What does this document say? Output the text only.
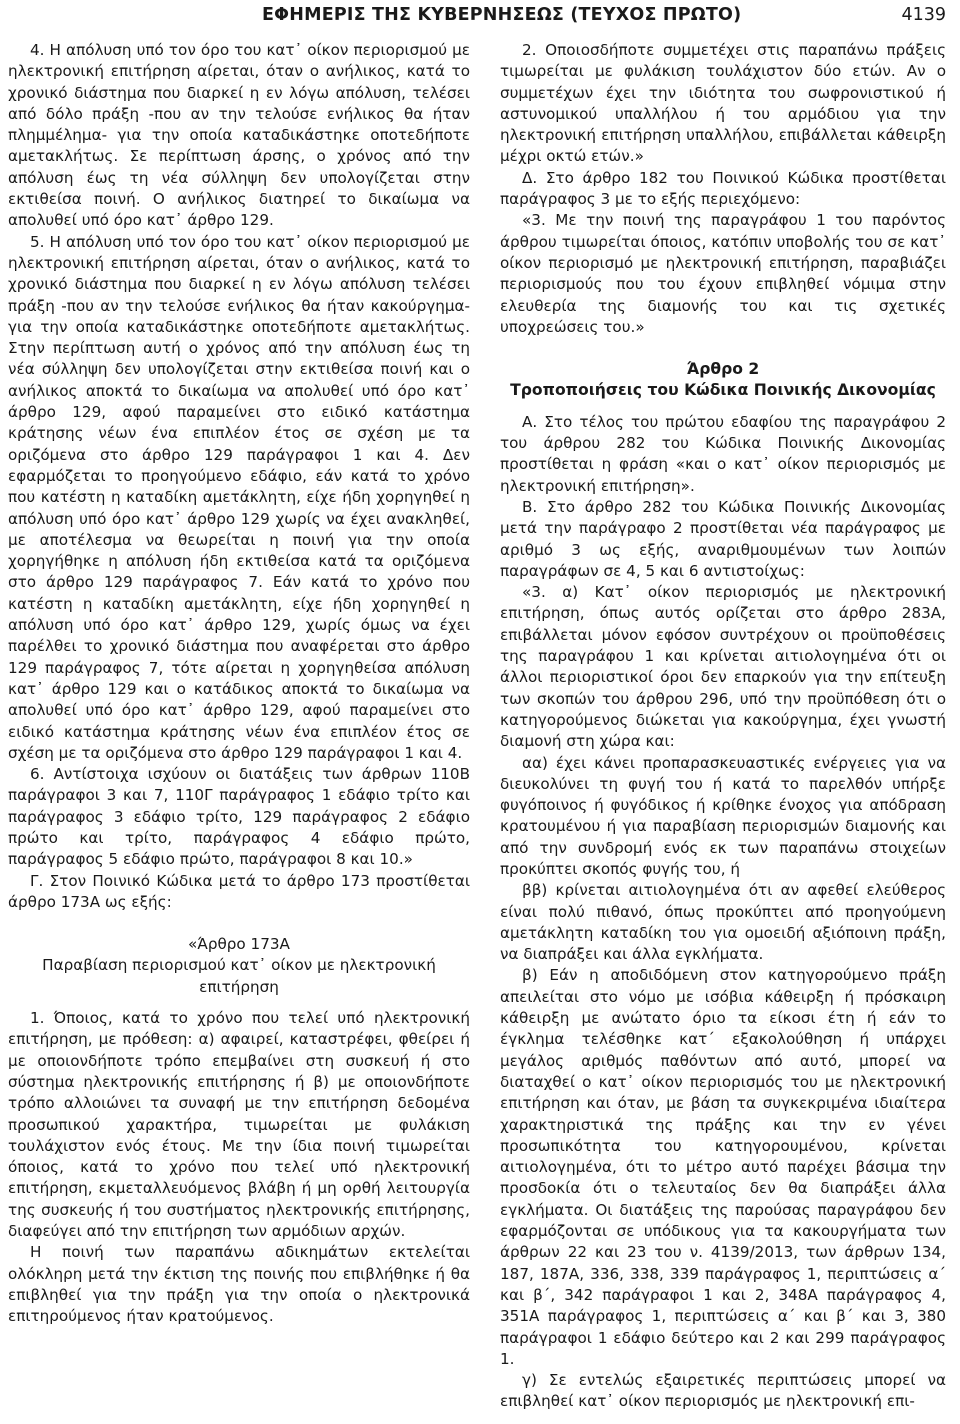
ΕΦΗΜΕΡΙΣ ΤΗΣ ΚΥΒΕΡΝΗΣΕΩΣ (ΤΕΥΧΟΣ ΠΡΩΤΟ)	4139

4. Η απόλυση υπό τον όρο του κατ᾽ οίκον περιορισμού με ηλεκτρονική επιτήρηση αίρεται, όταν ο ανήλικος, κατά το χρονικό διάστημα που διαρκεί η εν λόγω απόλυση, τελέσει από δόλο πράξη -που αν την τελούσε ενήλικος θα ήταν πλημμέλημα- για την οποία καταδικάστηκε οποτεδήποτε αμετακλήτως. Σε περίπτωση άρσης, ο χρόνος από την απόλυση έως τη νέα σύλληψη δεν υπολογίζεται στην εκτιθείσα ποινή. Ο ανήλικος διατηρεί το δικαίωμα να απολυθεί υπό όρο κατ᾽ άρθρο 129.

5. Η απόλυση υπό τον όρο του κατ᾽ οίκον περιορισμού με ηλεκτρονική επιτήρηση αίρεται, όταν ο ανήλικος, κατά το χρονικό διάστημα που διαρκεί η εν λόγω απόλυση τελέσει πράξη -που αν την τελούσε ενήλικος θα ήταν κακούργημα- για την οποία καταδικάστηκε οποτεδήποτε αμετακλήτως. Στην περίπτωση αυτή ο χρόνος από την απόλυση έως τη νέα σύλληψη δεν υπολογίζεται στην εκτιθείσα ποινή και ο ανήλικος αποκτά το δικαίωμα να απολυθεί υπό όρο κατ᾽ άρθρο 129, αφού παραμείνει στο ειδικό κατάστημα κράτησης νέων ένα επιπλέον έτος σε σχέση με τα οριζόμενα στο άρθρο 129 παράγραφοι 1 και 4. Δεν εφαρμόζεται το προηγούμενο εδάφιο, εάν κατά το χρόνο που κατέστη η καταδίκη αμετάκλητη, είχε ήδη χορηγηθεί η απόλυση υπό όρο κατ᾽ άρθρο 129 χωρίς να έχει ανακληθεί, με αποτέλεσμα να θεωρείται η ποινή για την οποία χορηγήθηκε η απόλυση ήδη εκτιθείσα κατά τα οριζόμενα στο άρθρο 129 παράγραφος 7. Εάν κατά το χρόνο που κατέστη η καταδίκη αμετάκλητη, είχε ήδη χορηγηθεί η απόλυση υπό όρο κατ᾽ άρθρο 129, χωρίς όμως να έχει παρέλθει το χρονικό διάστημα που αναφέρεται στο άρθρο 129 παράγραφος 7, τότε αίρεται η χορηγηθείσα απόλυση κατ᾽ άρθρο 129 και ο κατάδικος αποκτά το δικαίωμα να απολυθεί υπό όρο κατ᾽ άρθρο 129, αφού παραμείνει στο ειδικό κατάστημα κράτησης νέων ένα επιπλέον έτος σε σχέση με τα οριζόμενα στο άρθρο 129 παράγραφοι 1 και 4.

6. Αντίστοιχα ισχύουν οι διατάξεις των άρθρων 110Β παράγραφοι 3 και 7, 110Γ παράγραφος 1 εδάφιο τρίτο και παράγραφος 3 εδάφιο τρίτο, 129 παράγραφος 2 εδάφιο πρώτο και τρίτο, παράγραφος 4 εδάφιο πρώτο, παράγραφος 5 εδάφιο πρώτο, παράγραφοι 8 και 10.»

Γ. Στον Ποινικό Κώδικα μετά το άρθρο 173 προστίθεται άρθρο 173Α ως εξής:

«Άρθρο 173Α

Παραβίαση περιορισμού κατ᾽ οίκον με ηλεκτρονική επιτήρηση

1. Όποιος, κατά το χρόνο που τελεί υπό ηλεκτρονική επιτήρηση, με πρόθεση: α) αφαιρεί, καταστρέφει, φθείρει ή με οποιονδήποτε τρόπο επεμβαίνει στη συσκευή ή στο σύστημα ηλεκτρονικής επιτήρησης ή β) με οποιονδήποτε τρόπο αλλοιώνει τα συναφή με την επιτήρηση δεδομένα προσωπικού χαρακτήρα, τιμωρείται με φυλάκιση τουλάχιστον ενός έτους. Με την ίδια ποινή τιμωρείται όποιος, κατά το χρόνο που τελεί υπό ηλεκτρονική επιτήρηση, εκμεταλλευόμενος βλάβη ή μη ορθή λειτουργία της συσκευής ή του συστήματος ηλεκτρονικής επιτήρησης, διαφεύγει από την επιτήρηση των αρμόδιων αρχών.

Η ποινή των παραπάνω αδικημάτων εκτελείται ολόκληρη μετά την έκτιση της ποινής που επιβλήθηκε ή θα επιβληθεί για την πράξη για την οποία ο ηλεκτρονικά επιτηρούμενος ήταν κρατούμενος.

2. Οποιοσδήποτε συμμετέχει στις παραπάνω πράξεις τιμωρείται με φυλάκιση τουλάχιστον δύο ετών. Αν ο συμμετέχων έχει την ιδιότητα του σωφρονιστικού ή αστυνομικού υπαλλήλου ή του αρμόδιου για την ηλεκτρονική επιτήρηση υπαλλήλου, επιβάλλεται κάθειρξη μέχρι οκτώ ετών.»

Δ. Στο άρθρο 182 του Ποινικού Κώδικα προστίθεται παράγραφος 3 με το εξής περιεχόμενο:

«3. Με την ποινή της παραγράφου 1 του παρόντος άρθρου τιμωρείται όποιος, κατόπιν υποβολής του σε κατ᾽ οίκον περιορισμό με ηλεκτρονική επιτήρηση, παραβιάζει περιορισμούς που του έχουν επιβληθεί νόμιμα στην ελευθερία της διαμονής του και τις σχετικές υποχρεώσεις του.»

Άρθρο 2

Τροποποιήσεις του Κώδικα Ποινικής Δικονομίας

Α. Στο τέλος του πρώτου εδαφίου της παραγράφου 2 του άρθρου 282 του Κώδικα Ποινικής Δικονομίας προστίθεται η φράση «και ο κατ᾽ οίκον περιορισμός με ηλεκτρονική επιτήρηση».

Β. Στο άρθρο 282 του Κώδικα Ποινικής Δικονομίας μετά την παράγραφο 2 προστίθεται νέα παράγραφος με αριθμό 3 ως εξής, αναριθμουμένων των λοιπών παραγράφων σε 4, 5 και 6 αντιστοίχως:

«3. α) Κατ᾽ οίκον περιορισμός με ηλεκτρονική επιτήρηση, όπως αυτός ορίζεται στο άρθρο 283Α, επιβάλλεται μόνον εφόσον συντρέχουν οι προϋποθέσεις της παραγράφου 1 και κρίνεται αιτιολογημένα ότι οι άλλοι περιοριστικοί όροι δεν επαρκούν για την επίτευξη των σκοπών του άρθρου 296, υπό την προϋπόθεση ότι ο κατηγορούμενος διώκεται για κακούργημα, έχει γνωστή διαμονή στη χώρα και:

αα) έχει κάνει προπαρασκευαστικές ενέργειες για να διευκολύνει τη φυγή του ή κατά το παρελθόν υπήρξε φυγόποινος ή φυγόδικος ή κρίθηκε ένοχος για απόδραση κρατουμένου ή για παραβίαση περιορισμών διαμονής και από την συνδρομή ενός εκ των παραπάνω στοιχείων προκύπτει σκοπός φυγής του, ή

ββ) κρίνεται αιτιολογημένα ότι αν αφεθεί ελεύθερος είναι πολύ πιθανό, όπως προκύπτει από προηγούμενη αμετάκλητη καταδίκη του για ομοειδή αξιόποινη πράξη, να διαπράξει και άλλα εγκλήματα.

β) Εάν η αποδιδόμενη στον κατηγορούμενο πράξη απειλείται στο νόμο με ισόβια κάθειρξη ή πρόσκαιρη κάθειρξη με ανώτατο όριο τα είκοσι έτη ή εάν το έγκλημα τελέσθηκε κατ´ εξακολούθηση ή υπάρχει μεγάλος αριθμός παθόντων από αυτό, μπορεί να διαταχθεί ο κατ᾽ οίκον περιορισμός του με ηλεκτρονική επιτήρηση και όταν, με βάση τα συγκεκριμένα ιδιαίτερα χαρακτηριστικά της πράξης και την εν γένει προσωπικότητα του κατηγορουμένου, κρίνεται αιτιολογημένα, ότι το μέτρο αυτό παρέχει βάσιμα την προσδοκία ότι ο τελευταίος δεν θα διαπράξει άλλα εγκλήματα. Οι διατάξεις της παρούσας παραγράφου δεν εφαρμόζονται σε υπόδικους για τα κακουργήματα των άρθρων 22 και 23 του ν. 4139/2013, των άρθρων 134, 187, 187Α, 336, 338, 339 παράγραφος 1, περιπτώσεις α´ και β´, 342 παράγραφοι 1 και 2, 348Α παράγραφος 4, 351Α παράγραφος 1, περιπτώσεις α´ και β´ και 3, 380 παράγραφοι 1 εδάφιο δεύτερο και 2 και 299 παράγραφος 1.

γ) Σε εντελώς εξαιρετικές περιπτώσεις μπορεί να επιβληθεί κατ᾽ οίκον περιορισμός με ηλεκτρονική επι-
